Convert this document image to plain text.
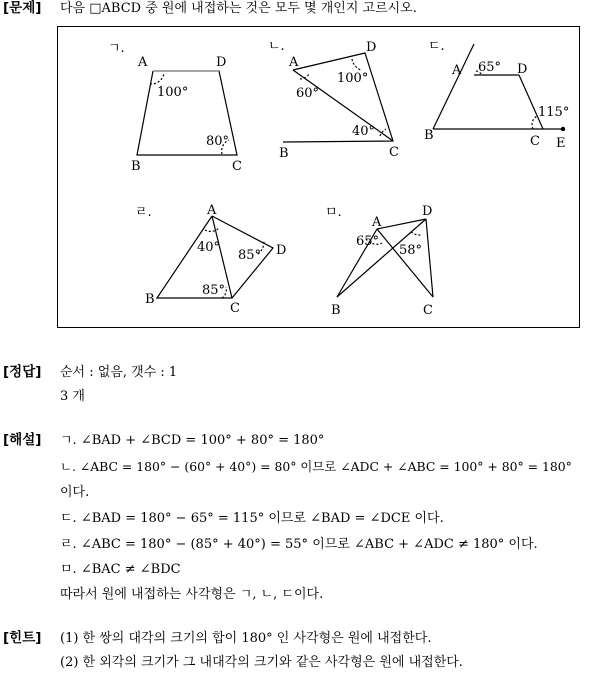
[문제] 다음 □ABCD 중 원에 내접하는 것은 모두 몇 개인지 고르시오.
ㄱ.
A	D
B	C
100°
80°
ㄴ.
A
D
B	C
100°
60°
40°
ㄷ.
A	D
B	C E
65°
115°
ㄹ.	A
D
B
C
40°
85°
85°
ㅁ.
A
D
B	C
65°
58°
[정답] 순서 : 없음, 갯수 : 1
3 개
[해설] ㄱ. ∠BAD + ∠BCD = 100° + 80° = 180°
ㄴ. ∠ABC = 180° − (60° + 40°) = 80° 이므로 ∠ADC + ∠ABC = 100° + 80° = 180°
이다.
ㄷ. ∠BAD = 180° − 65° = 115° 이므로 ∠BAD = ∠DCE 이다.
ㄹ. ∠ABC = 180° − (85° + 40°) = 55° 이므로 ∠ABC + ∠ADC ≠ 180° 이다.
ㅁ. ∠BAC ≠ ∠BDC
따라서 원에 내접하는 사각형은 ㄱ, ㄴ, ㄷ이다.
[힌트] (1) 한 쌍의 대각의 크기의 합이 180° 인 사각형은 원에 내접한다.
(2) 한 외각의 크기가 그 내대각의 크기와 같은 사각형은 원에 내접한다.
